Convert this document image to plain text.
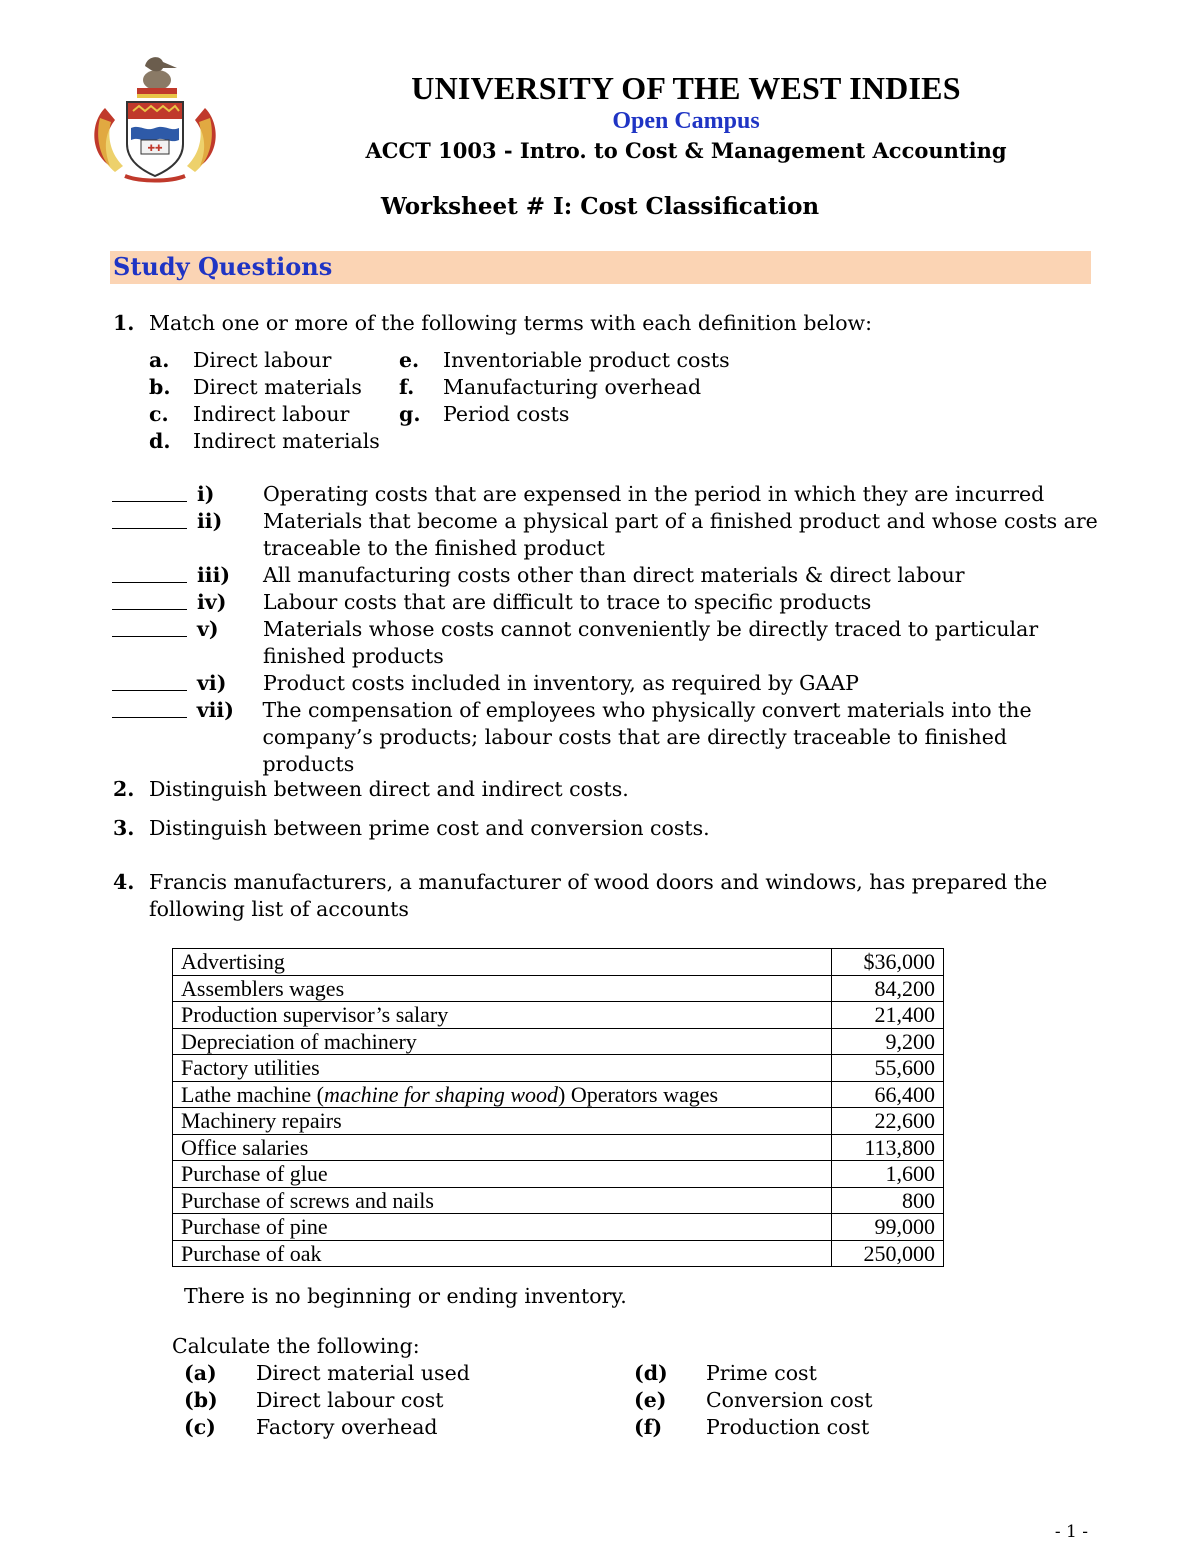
✚✚
UNIVERSITY OF THE WEST INDIES
Open Campus
ACCT 1003 - Intro. to Cost & Management Accounting
Worksheet # I: Cost Classification
Study Questions
1. Match one or more of the following terms with each definition below:
a. Direct labour
b. Direct materials
c. Indirect labour
d. Indirect materials
e. Inventoriable product costs
f. Manufacturing overhead
g. Period costs
i)	Operating costs that are expensed in the period in which they are incurred
ii)	Materials that become a physical part of a finished product and whose costs are
traceable to the finished product
iii)	All manufacturing costs other than direct materials & direct labour
iv)	Labour costs that are difficult to trace to specific products
v)	Materials whose costs cannot conveniently be directly traced to particular
finished products
vi)	Product costs included in inventory, as required by GAAP
vii)	The compensation of employees who physically convert materials into the
company’s products; labour costs that are directly traceable to finished products
2. Distinguish between direct and indirect costs.
3. Distinguish between prime cost and conversion costs.
4. Francis manufacturers, a manufacturer of wood doors and windows, has prepared the
following list of accounts
Advertising	$36,000
Assemblers wages	84,200
Production supervisor’s salary	21,400
Depreciation of machinery	9,200
Factory utilities	55,600
Lathe machine (machine for shaping wood) Operators wages	66,400
Machinery repairs	22,600
Office salaries	113,800
Purchase of glue	1,600
Purchase of screws and nails	800
Purchase of pine	99,000
Purchase of oak	250,000
There is no beginning or ending inventory.
Calculate the following:
(a) Direct material used
(b) Direct labour cost
(c) Factory overhead
(d) Prime cost
(e) Conversion cost
(f) Production cost
- 1 -
